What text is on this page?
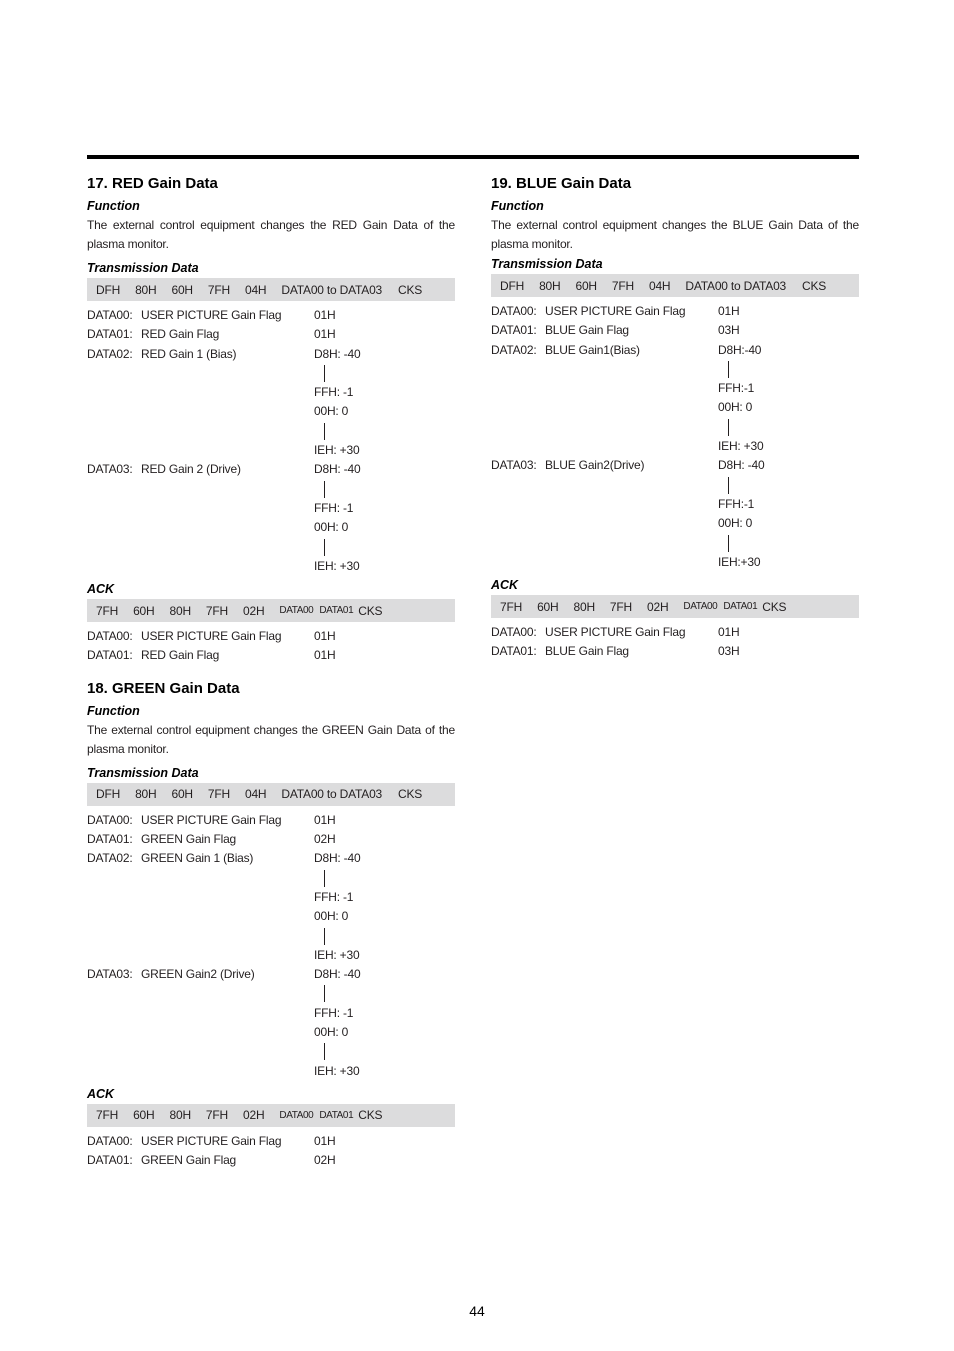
17. RED Gain Data
Function
The external control equipment changes the RED Gain Data of the plasma monitor.
Transmission Data
DFH 80H 60H 7FH 04H DATA00 to DATA03 CKS
DATA00: USER PICTURE Gain Flag	01H
DATA01: RED Gain Flag	01H
DATA02: RED Gain 1 (Bias)	D8H: -40
FFH: -1
00H: 0
IEH: +30
DATA03: RED Gain 2 (Drive)	D8H: -40
FFH: -1
00H: 0
IEH: +30
ACK
7FH 60H 80H 7FH 02H DATA00 DATA01 CKS
DATA00: USER PICTURE Gain Flag	01H
DATA01: RED Gain Flag	01H
18. GREEN Gain Data
Function
The external control equipment changes the GREEN Gain Data of the plasma monitor.
Transmission Data
DFH 80H 60H 7FH 04H DATA00 to DATA03 CKS
DATA00: USER PICTURE Gain Flag	01H
DATA01: GREEN Gain Flag	02H
DATA02: GREEN Gain 1 (Bias)	D8H: -40
FFH: -1
00H: 0
IEH: +30
DATA03: GREEN Gain2 (Drive)	D8H: -40
FFH: -1
00H: 0
IEH: +30
ACK
7FH 60H 80H 7FH 02H DATA00 DATA01 CKS
DATA00: USER PICTURE Gain Flag	01H
DATA01: GREEN Gain Flag	02H
19. BLUE Gain Data
Function
The external control equipment changes the BLUE Gain Data of the plasma monitor.
Transmission Data
DFH 80H 60H 7FH 04H DATA00 to DATA03 CKS
DATA00: USER PICTURE Gain Flag	01H
DATA01: BLUE Gain Flag	03H
DATA02: BLUE Gain1(Bias)	D8H:-40
FFH:-1
00H: 0
IEH: +30
DATA03: BLUE Gain2(Drive)	D8H: -40
FFH:-1
00H: 0
IEH:+30
ACK
7FH 60H 80H 7FH 02H DATA00 DATA01 CKS
DATA00: USER PICTURE Gain Flag	01H
DATA01: BLUE Gain Flag	03H
44
